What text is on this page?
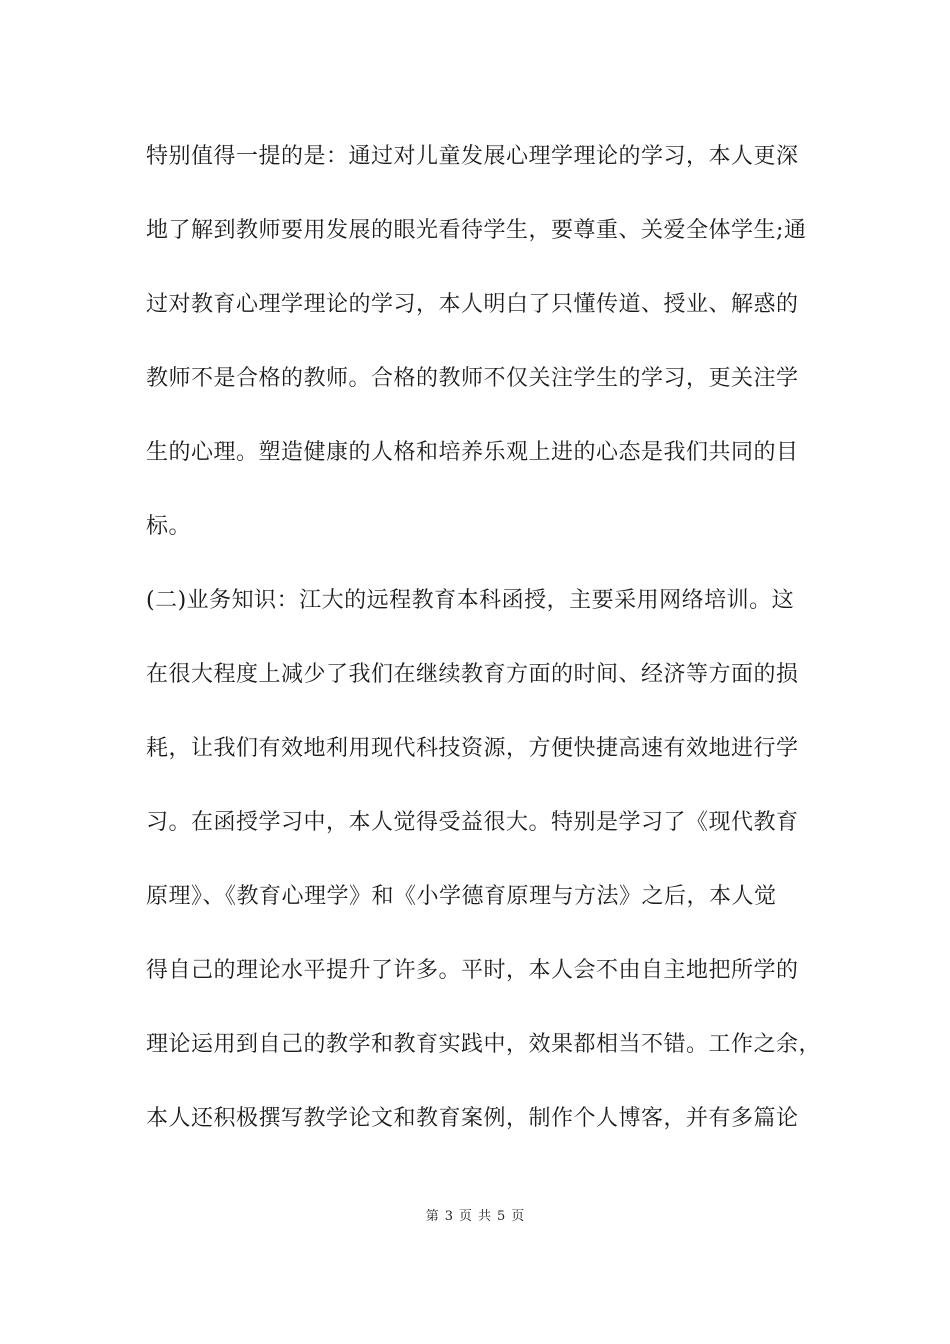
特别值得一提的是：通过对儿童发展心理学理论的学习，本人更深
地了解到教师要用发展的眼光看待学生，要尊重、关爱全体学生;通
过对教育心理学理论的学习，本人明白了只懂传道、授业、解惑的
教师不是合格的教师。合格的教师不仅关注学生的学习，更关注学
生的心理。塑造健康的人格和培养乐观上进的心态是我们共同的目
标。
(二)业务知识：江大的远程教育本科函授，主要采用网络培训。这
在很大程度上减少了我们在继续教育方面的时间、经济等方面的损
耗，让我们有效地利用现代科技资源，方便快捷高速有效地进行学
习。在函授学习中，本人觉得受益很大。特别是学习了《现代教育
原理》、《教育心理学》和《小学德育原理与方法》之后，本人觉
得自己的理论水平提升了许多。平时，本人会不由自主地把所学的
理论运用到自己的教学和教育实践中，效果都相当不错。工作之余，
本人还积极撰写教学论文和教育案例，制作个人博客，并有多篇论
第 3 页 共 5 页
